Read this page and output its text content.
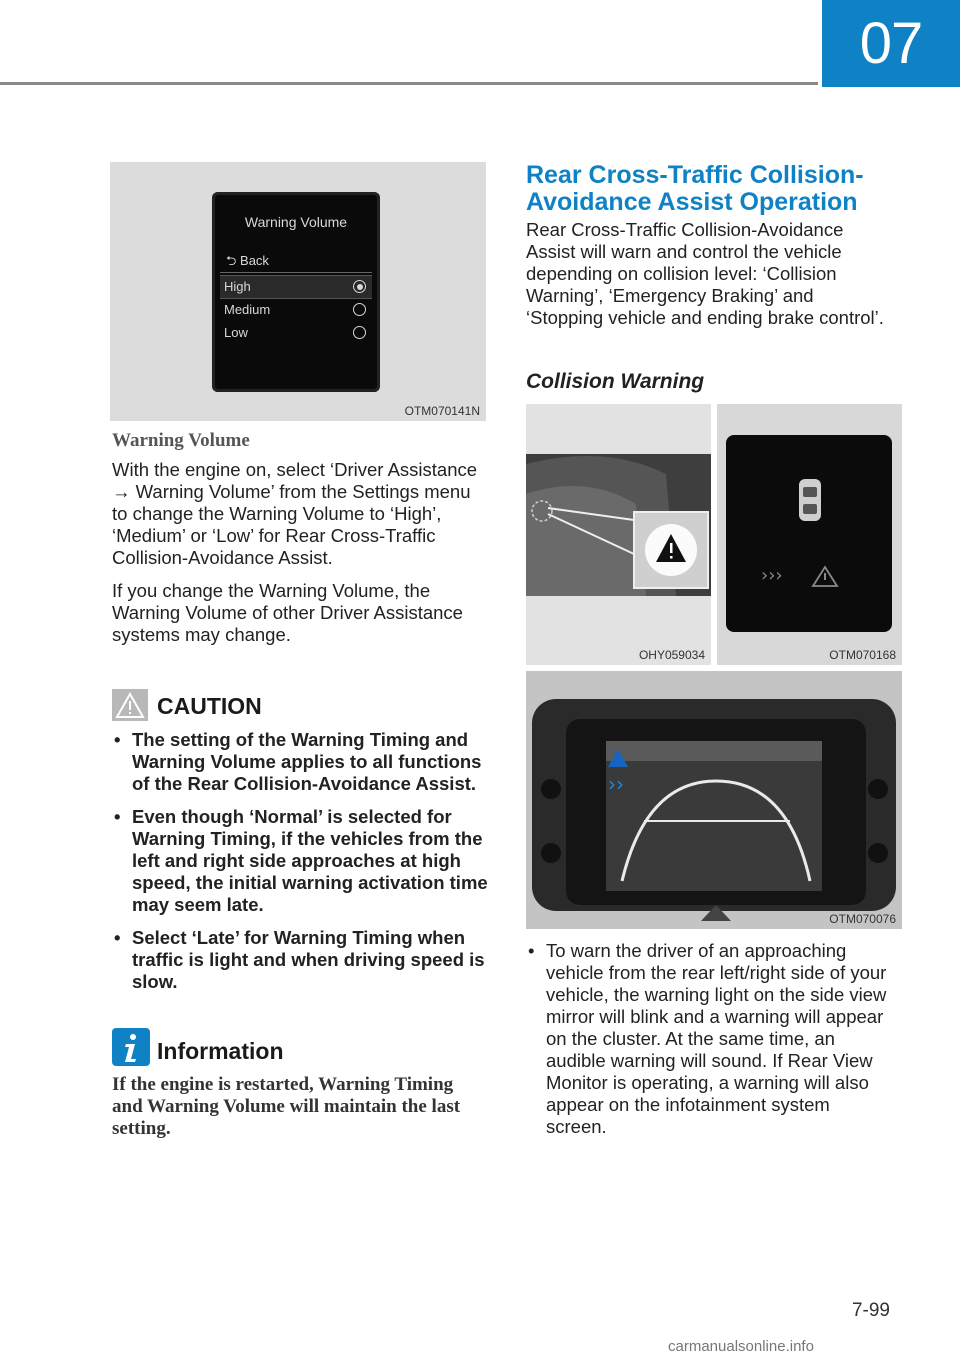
07
Warning Volume
⮌ Back
High
Medium
Low
OTM070141N
Warning Volume

With the engine on, select ‘Driver Assistance → Warning Volume’ from the Settings menu to change the Warning Volume to ‘High’, ‘Medium’ or ‘Low’ for Rear Cross-Traffic Collision-Avoidance Assist.

If you change the Warning Volume, the Warning Volume of other Driver Assistance systems may change.

CAUTION
• The setting of the Warning Timing and Warning Volume applies to all functions of the Rear Collision-Avoidance Assist.
• Even though ‘Normal’ is selected for Warning Timing, if the vehicles from the left and right side approaches at high speed, the initial warning activation time may seem late.
• Select ‘Late’ for Warning Timing when traffic is light and when driving speed is slow.
Information
If the engine is restarted, Warning Timing and Warning Volume will maintain the last setting.
Rear Cross-Traffic Collision-
Avoidance Assist Operation
Rear Cross-Traffic Collision-Avoidance Assist will warn and control the vehicle depending on collision level: ‘Collision Warning’, ‘Emergency Braking’ and ‘Stopping vehicle and ending brake control’.
Collision Warning
OHY059034
›››
OTM070168
››
OTM070076
• To warn the driver of an approaching vehicle from the rear left/right side of your vehicle, the warning light on the side view mirror will blink and a warning will appear on the cluster. At the same time, an audible warning will sound. If Rear View Monitor is operating, a warning will also appear on the infotainment system screen.
7-99
carmanualsonline.info
